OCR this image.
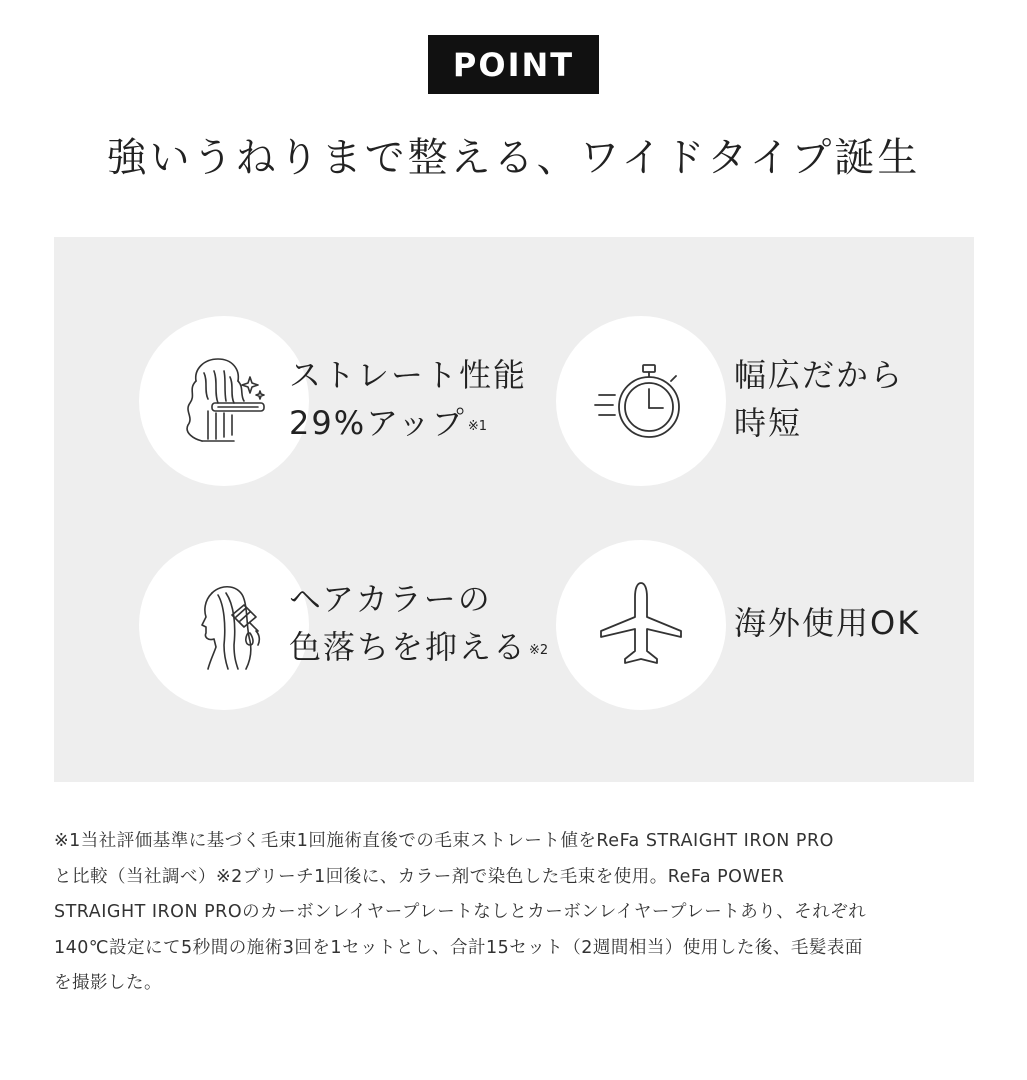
POINT
強いうねりまで整える、ワイドタイプ誕生
ストレート性能
29%アップ $^{※1}$
幅広だから
時短
ヘアカラーの
色落ちを抑える $^{※2}$
海外使用OK
※1当社評価基準に基づく毛束1回施術直後での毛束ストレート値をReFa STRAIGHT IRON PRO
と比較（当社調べ）※2ブリーチ1回後に、カラー剤で染色した毛束を使用。ReFa POWER
STRAIGHT IRON PROのカーボンレイヤープレートなしとカーボンレイヤープレートあり、それぞれ
140℃設定にて5秒間の施術3回を1セットとし、合計15セット（2週間相当）使用した後、毛髪表面
を撮影した。
